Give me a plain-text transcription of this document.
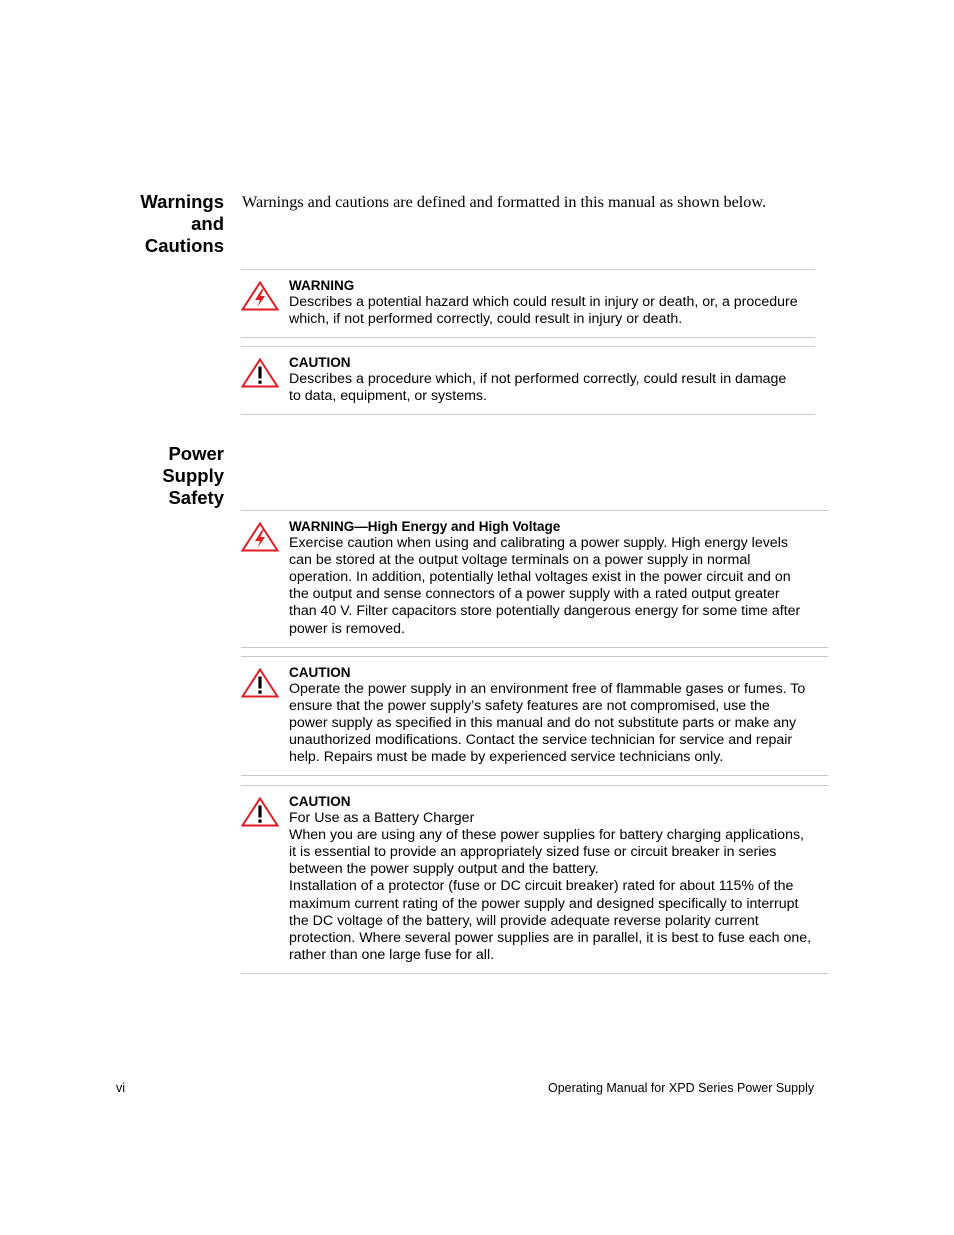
Warnings
and
Cautions
Warnings and cautions are defined and formatted in this manual as shown below.
WARNING
Describes a potential hazard which could result in injury or death, or, a procedure
which, if not performed correctly, could result in injury or death.
CAUTION
Describes a procedure which, if not performed correctly, could result in damage
to data, equipment, or systems.
Power
Supply
Safety
WARNING—High Energy and High Voltage
Exercise caution when using and calibrating a power supply. High energy levels
can be stored at the output voltage terminals on a power supply in normal
operation. In addition, potentially lethal voltages exist in the power circuit and on
the output and sense connectors of a power supply with a rated output greater
than 40 V. Filter capacitors store potentially dangerous energy for some time after
power is removed.
CAUTION
Operate the power supply in an environment free of flammable gases or fumes. To
ensure that the power supply’s safety features are not compromised, use the
power supply as specified in this manual and do not substitute parts or make any
unauthorized modifications. Contact the service technician for service and repair
help. Repairs must be made by experienced service technicians only.
CAUTION
For Use as a Battery Charger
When you are using any of these power supplies for battery charging applications,
it is essential to provide an appropriately sized fuse or circuit breaker in series
between the power supply output and the battery.
Installation of a protector (fuse or DC circuit breaker) rated for about 115% of the
maximum current rating of the power supply and designed specifically to interrupt
the DC voltage of the battery, will provide adequate reverse polarity current
protection. Where several power supplies are in parallel, it is best to fuse each one,
rather than one large fuse for all.
vi	Operating Manual for XPD Series Power Supply
